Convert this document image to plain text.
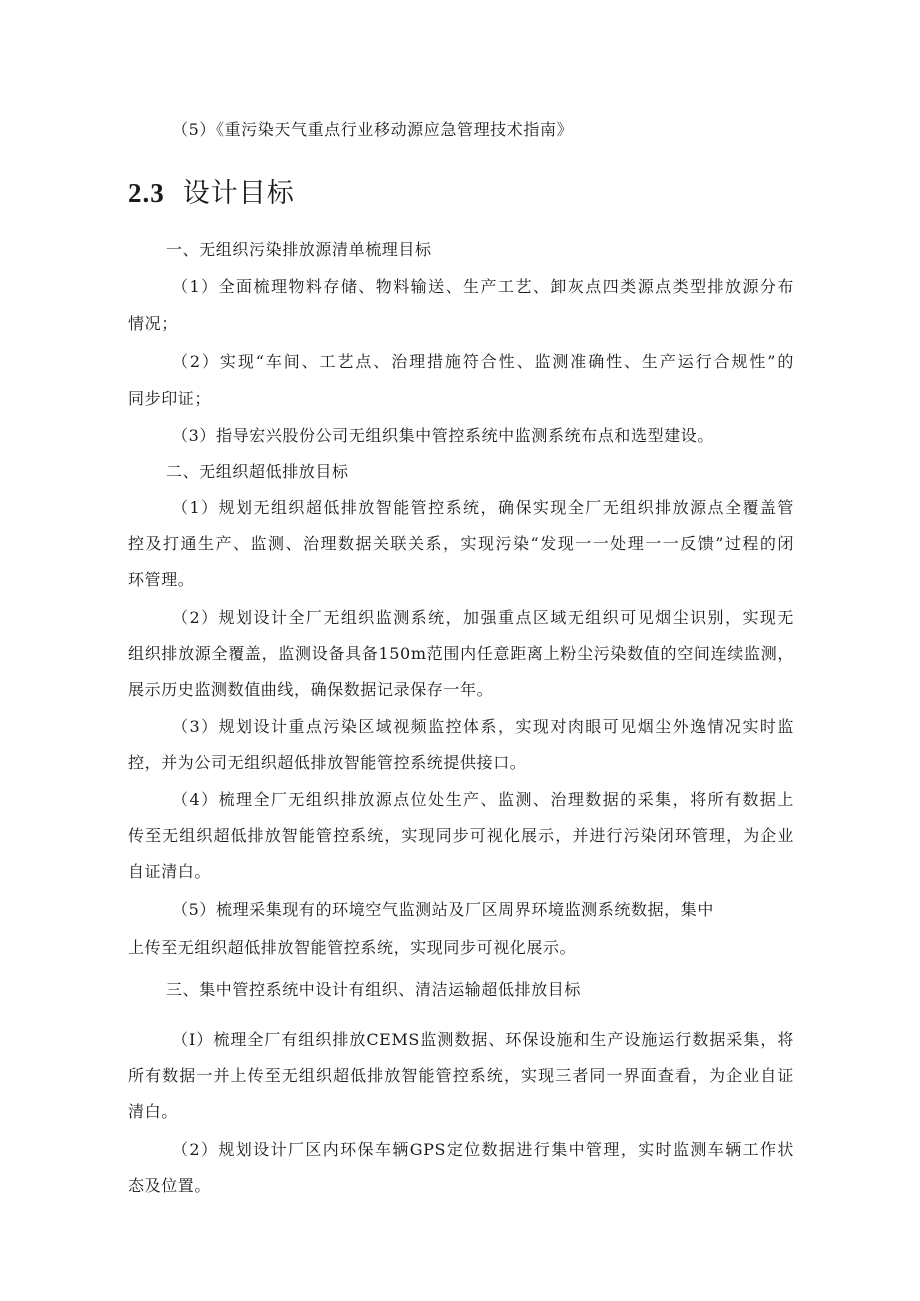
（5）《重污染天气重点行业移动源应急管理技术指南》
2.3 设计目标
一、无组织污染排放源清单梳理目标
（1）全面梳理物料存储、物料输送、生产工艺、卸灰点四类源点类型排放源分布
情况；
（2）实现“车间、工艺点、治理措施符合性、监测准确性、生产运行合规性”的
同步印证；
（3）指导宏兴股份公司无组织集中管控系统中监测系统布点和选型建设。
二、无组织超低排放目标
（1）规划无组织超低排放智能管控系统，确保实现全厂无组织排放源点全覆盖管
控及打通生产、监测、治理数据关联关系，实现污染“发现一一处理一一反馈”过程的闭
环管理。
（2）规划设计全厂无组织监测系统，加强重点区域无组织可见烟尘识别，实现无
组织排放源全覆盖，监测设备具备150m范围内任意距离上粉尘污染数值的空间连续监测，
展示历史监测数值曲线，确保数据记录保存一年。
（3）规划设计重点污染区域视频监控体系，实现对肉眼可见烟尘外逸情况实时监
控，并为公司无组织超低排放智能管控系统提供接口。
（4）梳理全厂无组织排放源点位处生产、监测、治理数据的采集，将所有数据上
传至无组织超低排放智能管控系统，实现同步可视化展示，并进行污染闭环管理，为企业
自证清白。
（5）梳理采集现有的环境空气监测站及厂区周界环境监测系统数据，集中
上传至无组织超低排放智能管控系统，实现同步可视化展示。
三、集中管控系统中设计有组织、清洁运输超低排放目标
（I）梳理全厂有组织排放CEMS监测数据、环保设施和生产设施运行数据采集，将
所有数据一并上传至无组织超低排放智能管控系统，实现三者同一界面查看，为企业自证
清白。
（2）规划设计厂区内环保车辆GPS定位数据进行集中管理，实时监测车辆工作状
态及位置。
